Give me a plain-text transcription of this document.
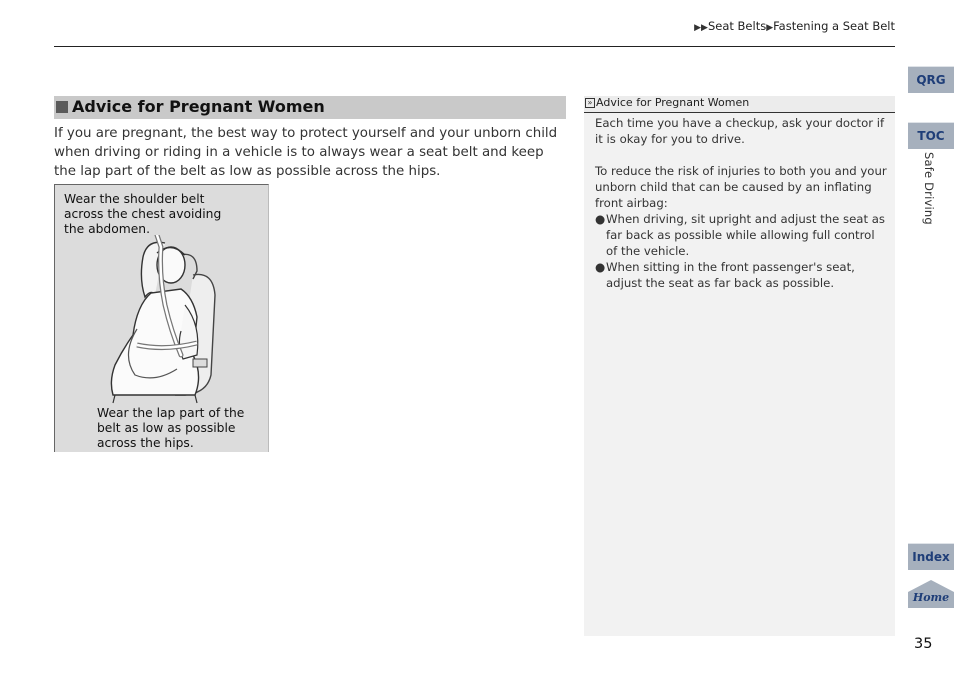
▶▶Seat Belts▶Fastening a Seat Belt
Advice for Pregnant Women
If you are pregnant, the best way to protect yourself and your unborn child when driving or riding in a vehicle is to always wear a seat belt and keep the lap part of the belt as low as possible across the hips.
Wear the shoulder belt across the chest avoiding the abdomen.
Wear the lap part of the belt as low as possible across the hips.
» Advice for Pregnant Women

Each time you have a checkup, ask your doctor if it is okay for you to drive.

To reduce the risk of injuries to both you and your unborn child that can be caused by an inflating front airbag:

● When driving, sit upright and adjust the seat as far back as possible while allowing full control of the vehicle.
● When sitting in the front passenger's seat, adjust the seat as far back as possible.
QRG
TOC
Safe Driving
Index
Home
35
